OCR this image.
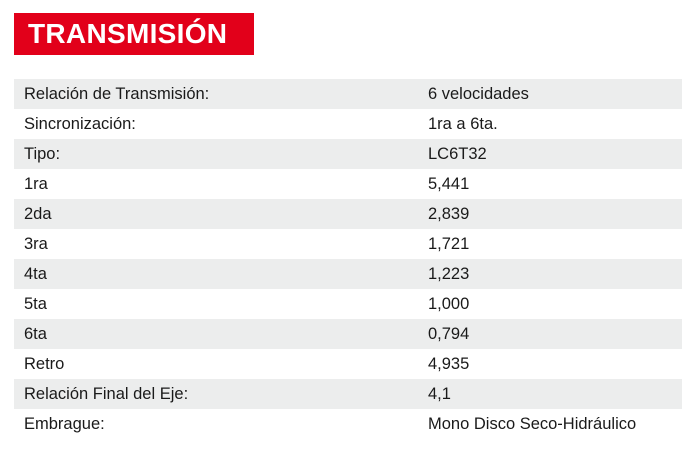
TRANSMISIÓN
Relación de Transmisión:	6 velocidades
Sincronización:	1ra a 6ta.
Tipo:	LC6T32
1ra	5,441
2da	2,839
3ra	1,721
4ta	1,223
5ta	1,000
6ta	0,794
Retro	4,935
Relación Final del Eje:	4,1
Embrague:	Mono Disco Seco-Hidráulico
